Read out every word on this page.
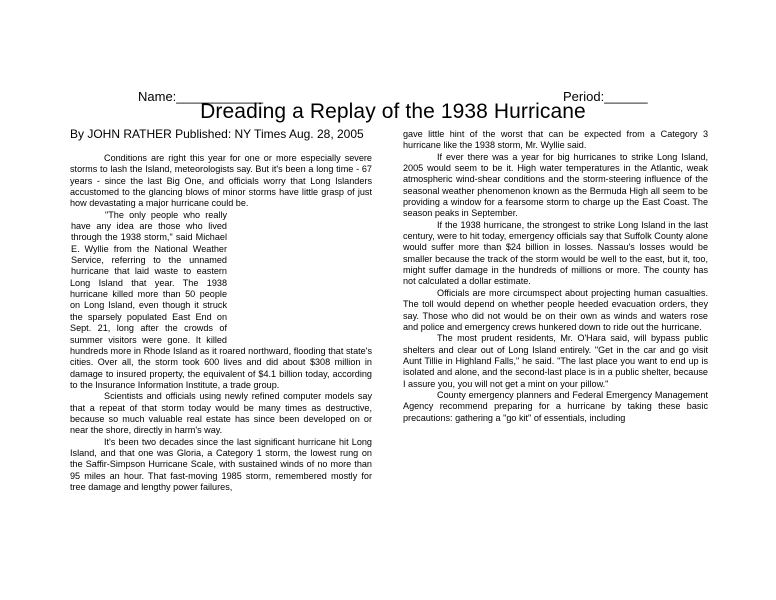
Name:____________	Period:______
Dreading a Replay of the 1938 Hurricane
By JOHN RATHER Published: NY Times Aug. 28, 2005

Conditions are right this year for one or more especially severe storms to lash the Island, meteorologists say. But it's been a long time - 67 years - since the last Big One, and officials worry that Long Islanders accustomed to the glancing blows of minor storms have little grasp of just how devastating a major hurricane could be.

"The only people who really have any idea are those who lived through the 1938 storm," said Michael E. Wyllie from the National Weather Service, referring to the unnamed hurricane that laid waste to eastern Long Island that year. The 1938 hurricane killed more than 50 people on Long Island, even though it struck the sparsely populated East End on Sept. 21, long after the crowds of summer visitors were gone. It killed hundreds more in Rhode Island as it roared northward, flooding that state's cities. Over all, the storm took 600 lives and did about $308 million in damage to insured property, the equivalent of $4.1 billion today, according to the Insurance Information Institute, a trade group.

Scientists and officials using newly refined computer models say that a repeat of that storm today would be many times as destructive, because so much valuable real estate has since been developed on or near the shore, directly in harm's way.

It's been two decades since the last significant hurricane hit Long Island, and that one was Gloria, a Category 1 storm, the lowest rung on the Saffir-Simpson Hurricane Scale, with sustained winds of no more than 95 miles an hour. That fast-moving 1985 storm, remembered mostly for tree damage and lengthy power failures,

gave little hint of the worst that can be expected from a Category 3 hurricane like the 1938 storm, Mr. Wyllie said.

If ever there was a year for big hurricanes to strike Long Island, 2005 would seem to be it. High water temperatures in the Atlantic, weak atmospheric wind-shear conditions and the storm-steering influence of the seasonal weather phenomenon known as the Bermuda High all seem to be providing a window for a fearsome storm to charge up the East Coast. The season peaks in September.

If the 1938 hurricane, the strongest to strike Long Island in the last century, were to hit today, emergency officials say that Suffolk County alone would suffer more than $24 billion in losses. Nassau's losses would be smaller because the track of the storm would be well to the east, but it, too, might suffer damage in the hundreds of millions or more. The county has not calculated a dollar estimate.

Officials are more circumspect about projecting human casualties. The toll would depend on whether people heeded evacuation orders, they say. Those who did not would be on their own as winds and waters rose and police and emergency crews hunkered down to ride out the hurricane.

The most prudent residents, Mr. O'Hara said, will bypass public shelters and clear out of Long Island entirely. "Get in the car and go visit Aunt Tillie in Highland Falls," he said. "The last place you want to end up is isolated and alone, and the second-last place is in a public shelter, because I assure you, you will not get a mint on your pillow."

County emergency planners and Federal Emergency Management Agency recommend preparing for a hurricane by taking these basic precautions: gathering a "go kit" of essentials, including
